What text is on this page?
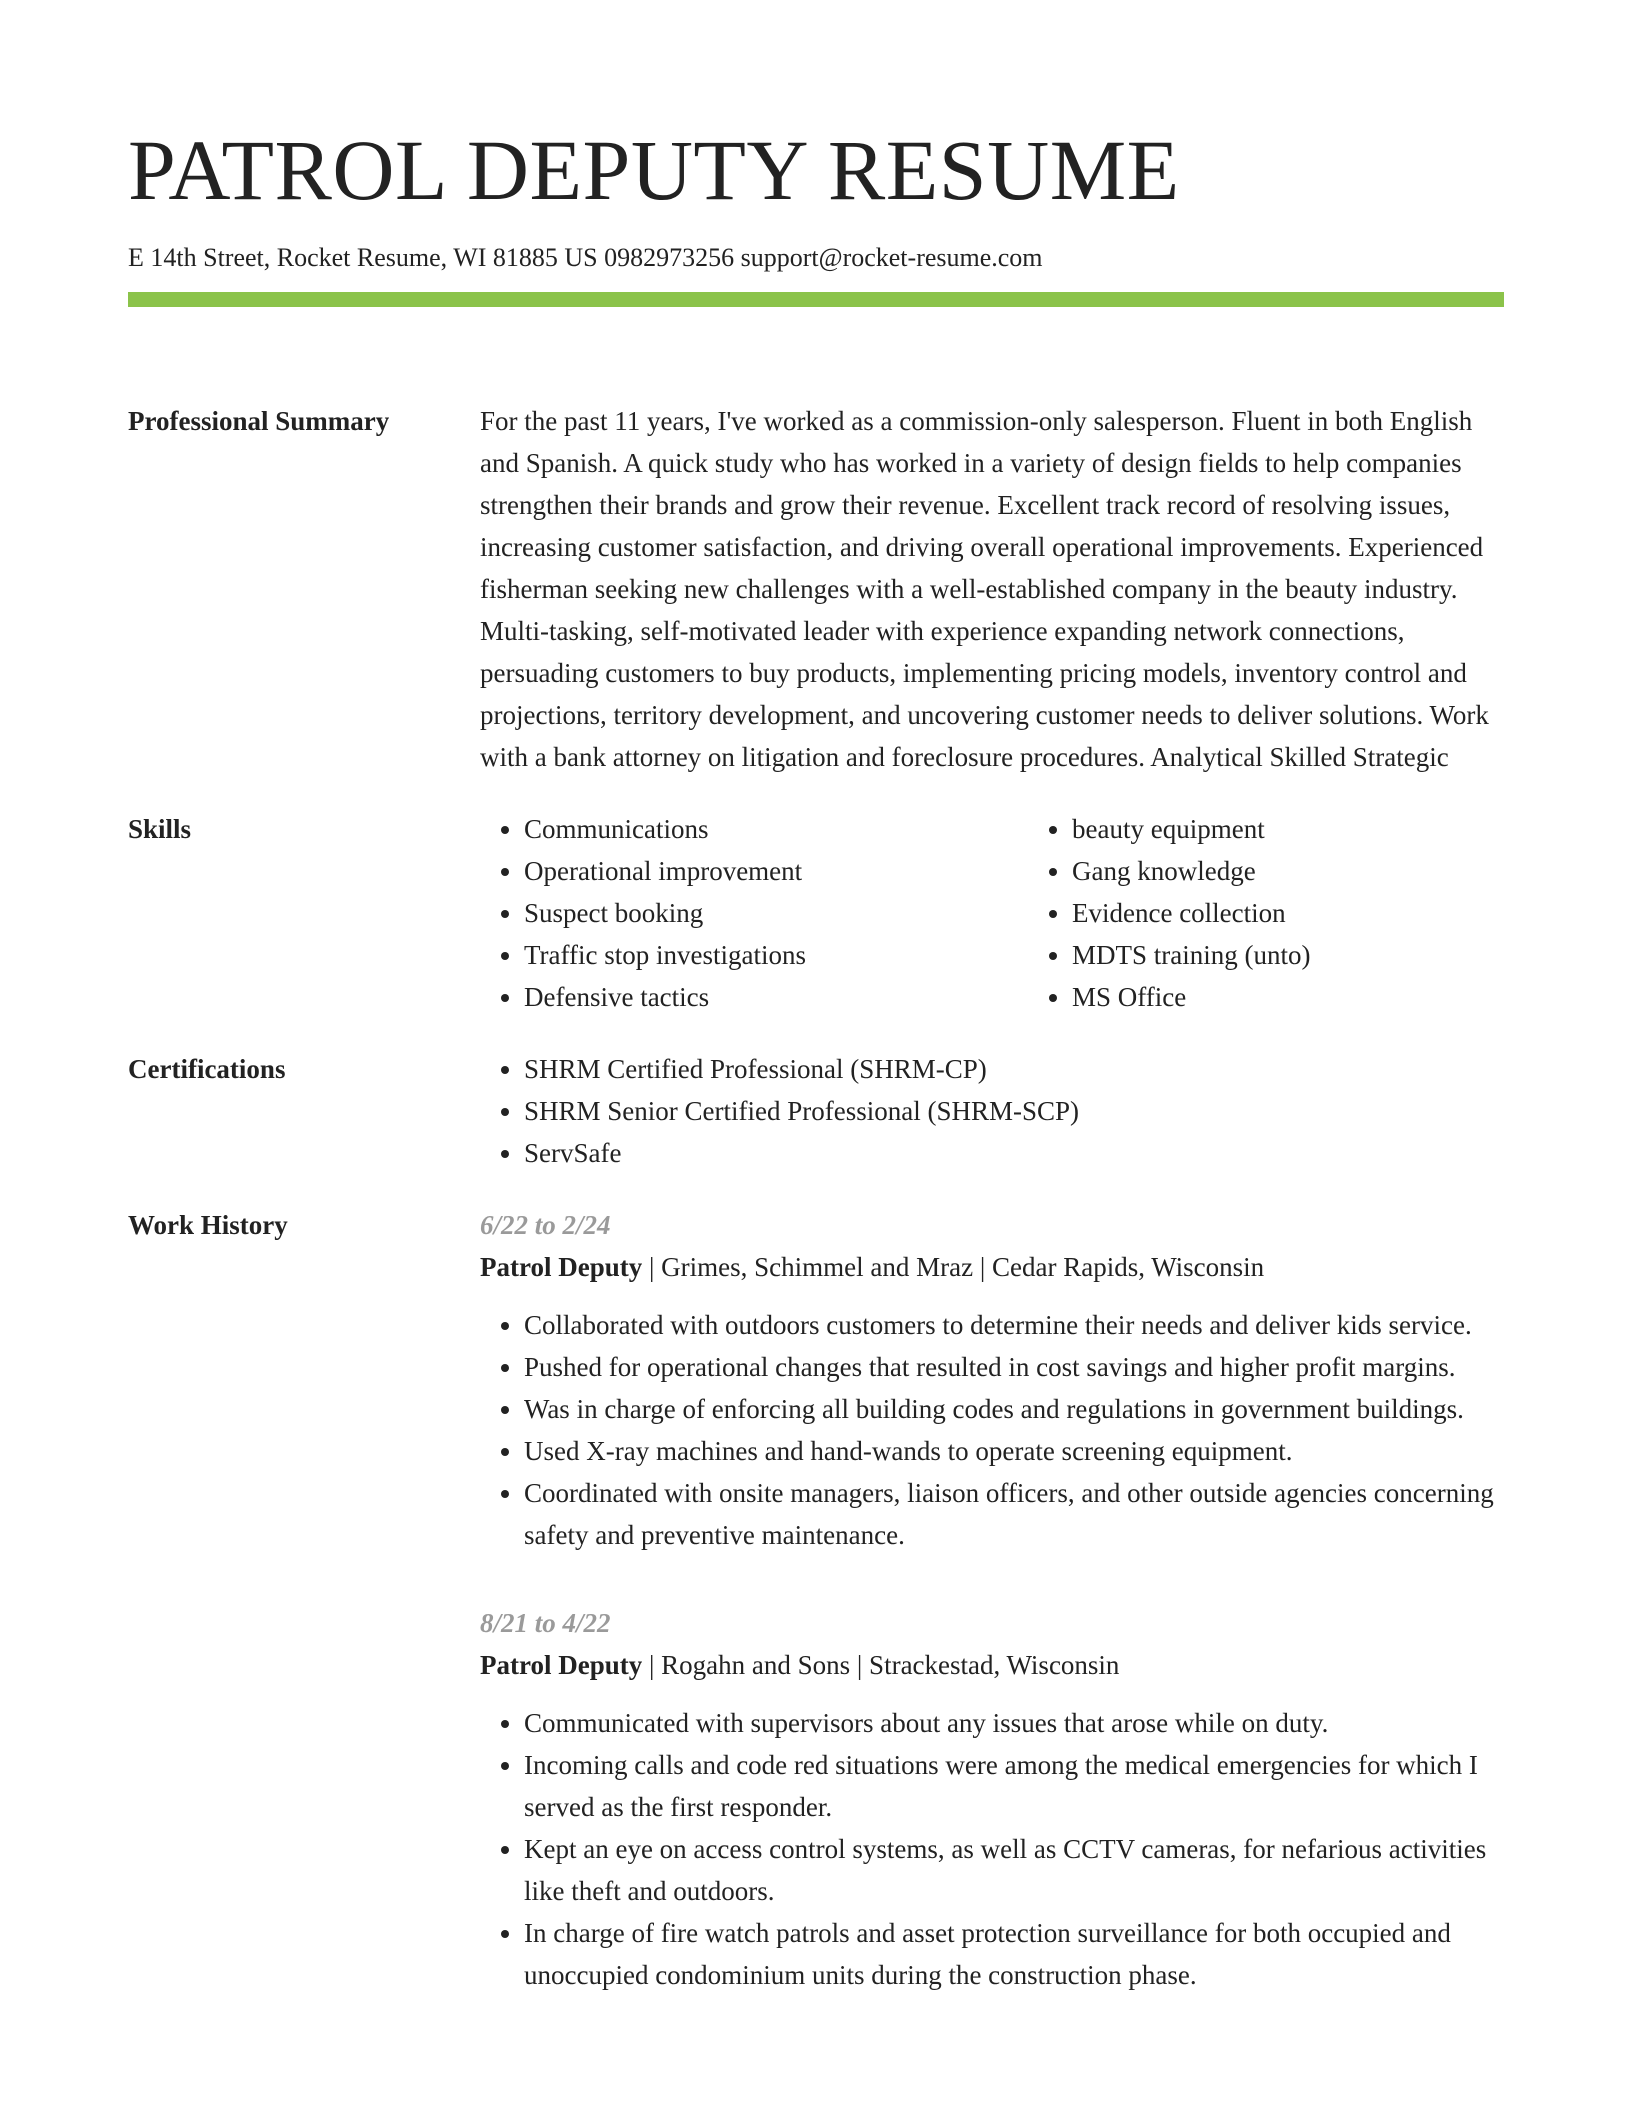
PATROL DEPUTY RESUME
E 14th Street, Rocket Resume, WI 81885 US 0982973256 support@rocket-resume.com
Professional Summary	For the past 11 years, I've worked as a commission-only salesperson. Fluent in both English and Spanish. A quick study who has worked in a variety of design fields to help companies strengthen their brands and grow their revenue. Excellent track record of resolving issues, increasing customer satisfaction, and driving overall operational improvements. Experienced fisherman seeking new challenges with a well-established company in the beauty industry. Multi-tasking, self-motivated leader with experience expanding network connections, persuading customers to buy products, implementing pricing models, inventory control and projections, territory development, and uncovering customer needs to deliver solutions. Work with a bank attorney on litigation and foreclosure procedures. Analytical Skilled Strategic

Skills	• Communications
• Operational improvement
• Suspect booking
• Traffic stop investigations
• Defensive tactics
• beauty equipment
• Gang knowledge
• Evidence collection
• MDTS training (unto)
• MS Office
Certifications	• SHRM Certified Professional (SHRM-CP)
• SHRM Senior Certified Professional (SHRM-SCP)
• ServSafe
Work History	6/22 to 2/24
Patrol Deputy | Grimes, Schimmel and Mraz | Cedar Rapids, Wisconsin
• Collaborated with outdoors customers to determine their needs and deliver kids service.
• Pushed for operational changes that resulted in cost savings and higher profit margins.
• Was in charge of enforcing all building codes and regulations in government buildings.
• Used X-ray machines and hand-wands to operate screening equipment.
• Coordinated with onsite managers, liaison officers, and other outside agencies concerning safety and preventive maintenance.
8/21 to 4/22
Patrol Deputy | Rogahn and Sons | Strackestad, Wisconsin
• Communicated with supervisors about any issues that arose while on duty.
• Incoming calls and code red situations were among the medical emergencies for which I served as the first responder.
• Kept an eye on access control systems, as well as CCTV cameras, for nefarious activities like theft and outdoors.
• In charge of fire watch patrols and asset protection surveillance for both occupied and unoccupied condominium units during the construction phase.
